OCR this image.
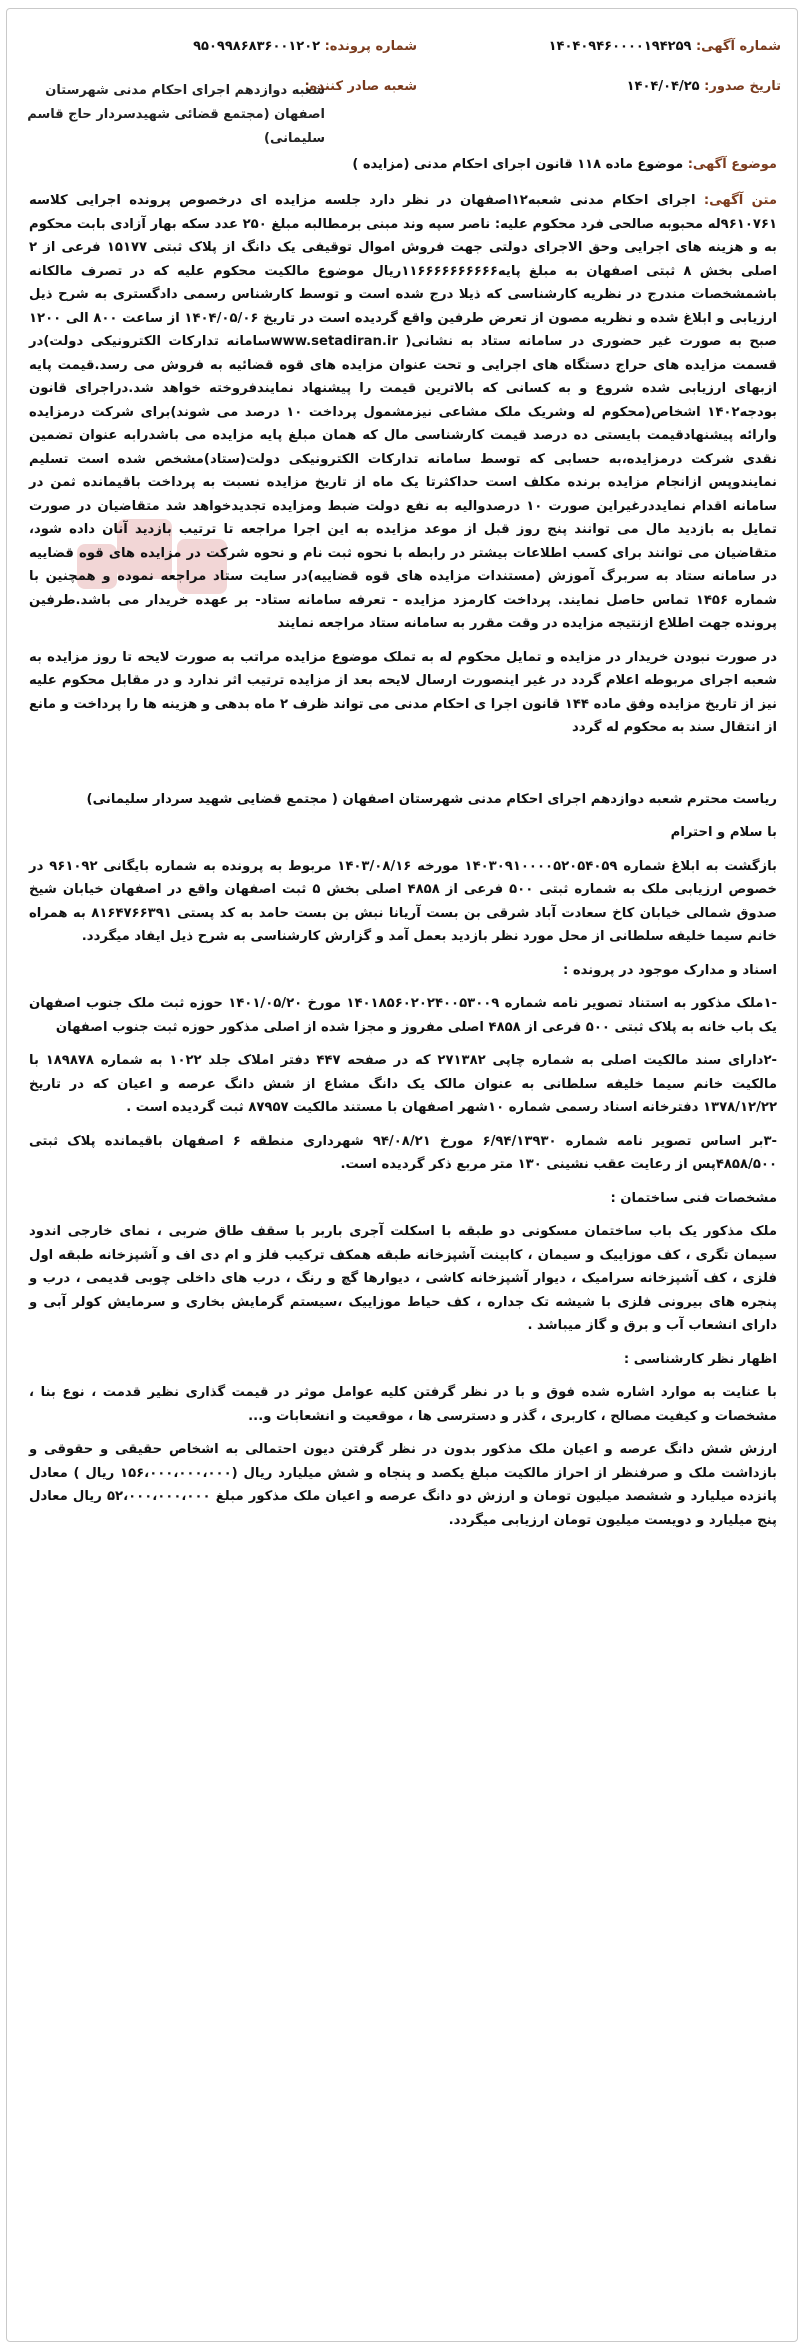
شماره آگهی: ۱۴۰۴۰۹۴۶۰۰۰۰۱۹۴۲۵۹
شماره پرونده: ۹۵۰۹۹۸۶۸۳۶۰۰۱۲۰۲
تاریخ صدور: ۱۴۰۴/۰۴/۲۵
شعبه صادر کننده:
شعبه دوازدهم اجرای احکام مدنی شهرستان اصفهان (مجتمع قضائی شهیدسردار حاج قاسم سلیمانی)
موضوع آگهی: موضوع ماده ۱۱۸ قانون اجرای احکام مدنی (مزایده )

متن آگهی: اجرای احکام مدنی شعبه۱۲اصفهان در نظر دارد جلسه مزایده ای درخصوص پرونده اجرایی کلاسه ۹۶۱۰۷۶۱له محبوبه صالحی فرد محکوم علیه: ناصر سپه وند مبنی برمطالبه مبلغ ۲۵۰ عدد سکه بهار آزادی بابت محکوم به و هزینه های اجرایی وحق الاجرای دولتی جهت فروش اموال توقیفی یک دانگ از پلاک ثبتی ۱۵۱۷۷ فرعی از ۲ اصلی بخش ۸ ثبتی اصفهان به مبلغ پایه۱۱۶۶۶۶۶۶۶۶۶۶ریال موضوع مالکیت محکوم علیه که در تصرف مالکانه باشمشخصات مندرج در نظریه کارشناسی که ذیلا درج شده است و توسط کارشناس رسمی دادگستری به شرح ذیل ارزیابی و ابلاغ شده و نظریه مصون از تعرض طرفین واقع گردیده است در تاریخ ۱۴۰۴/۰۵/۰۶ از ساعت ۸۰۰ الی ۱۲۰۰ صبح به صورت غیر حضوری در سامانه ستاد به نشانی( www.setadiran.irسامانه تدارکات الکترونیکی دولت)در قسمت مزایده های حراج دستگاه های اجرایی و تحت عنوان مزایده های قوه قضائیه به فروش می رسد.قیمت پایه ازبهای ارزیابی شده شروع و به کسانی که بالاترین قیمت را پیشنهاد نمایندفروخته خواهد شد.دراجرای قانون بودجه۱۴۰۲ اشخاص(محکوم له وشریک ملک مشاعی نیزمشمول پرداخت ۱۰ درصد می شوند)برای شرکت درمزایده وارائه پیشنهادقیمت بایستی ده درصد قیمت کارشناسی مال که همان مبلغ پایه مزایده می باشدرابه عنوان تضمین نقدی شرکت درمزایده،به حسابی که توسط سامانه تدارکات الکترونیکی دولت(ستاد)مشخص شده است تسلیم نمایندوپس ازانجام مزایده برنده مکلف است حداکثرتا یک ماه از تاریخ مزایده نسبت به پرداخت باقیمانده ثمن در سامانه اقدام نمایددرغیراین صورت ۱۰ درصدوالیه به نفع دولت ضبط ومزایده تجدیدخواهد شد متقاضیان در صورت تمایل به بازدید مال می توانند پنج روز قبل از موعد مزایده به این اجرا مراجعه تا ترتیب بازدید آنان داده شود، متقاضیان می توانند برای کسب اطلاعات بیشتر در رابطه با نحوه ثبت نام و نحوه شرکت در مزایده های قوه قضاییه در سامانه ستاد به سربرگ آموزش (مستندات مزایده های قوه قضاییه)در سایت ستاد مراجعه نموده و همچنین با شماره ۱۴۵۶ تماس حاصل نمایند. پرداخت کارمزد مزایده - تعرفه سامانه ستاد- بر عهده خریدار می باشد.طرفین پرونده جهت اطلاع ازنتیجه مزایده در وقت مقرر به سامانه ستاد مراجعه نمایند

در صورت نبودن خریدار در مزایده و تمایل محکوم له به تملک موضوع مزایده مراتب به صورت لایحه تا روز مزایده به شعبه اجرای مربوطه اعلام گردد در غیر اینصورت ارسال لایحه بعد از مزایده ترتیب اثر ندارد و در مقابل محکوم علیه نیز از تاریخ مزایده وفق ماده ۱۴۴ قانون اجرا ی احکام مدنی می تواند ظرف ۲ ماه بدهی و هزینه ها را پرداخت و مانع از انتقال سند به محکوم له گردد

ریاست محترم شعبه دوازدهم اجرای احکام مدنی شهرستان اصفهان ( مجتمع قضایی شهید سردار سلیمانی)

با سلام و احترام

بازگشت به ابلاغ شماره ۱۴۰۳۰۹۱۰۰۰۰۵۲۰۵۴۰۵۹ مورخه ۱۴۰۳/۰۸/۱۶ مربوط به پرونده به شماره بایگانی ۹۶۱۰۹۲ در خصوص ارزیابی ملک به شماره ثبتی ۵۰۰ فرعی از ۴۸۵۸ اصلی بخش ۵ ثبت اصفهان واقع در اصفهان خیابان شیخ صدوق شمالی خیابان کاخ سعادت آباد شرقی بن بست آریانا نبش بن بست حامد به کد پستی ۸۱۶۴۷۶۶۳۹۱ به همراه خانم سیما خلیفه سلطانی از محل مورد نظر بازدید بعمل آمد و گزارش کارشناسی به شرح ذیل ایفاد میگردد.

اسناد و مدارک موجود در پرونده :

-۱ملک مذکور به استناد تصویر نامه شماره ۱۴۰۱۸۵۶۰۲۰۲۴۰۰۵۳۰۰۹ مورخ ۱۴۰۱/۰۵/۲۰ حوزه ثبت ملک جنوب اصفهان یک باب خانه به پلاک ثبتی ۵۰۰ فرعی از ۴۸۵۸ اصلی مفروز و مجزا شده از اصلی مذکور حوزه ثبت جنوب اصفهان

-۲دارای سند مالکیت اصلی به شماره چاپی ۲۷۱۳۸۲ که در صفحه ۴۴۷ دفتر املاک جلد ۱۰۲۲ به شماره ۱۸۹۸۷۸ با مالکیت خانم سیما خلیفه سلطانی به عنوان مالک یک دانگ مشاع از شش دانگ عرصه و اعیان که در تاریخ ۱۳۷۸/۱۲/۲۲ دفترخانه اسناد رسمی شماره ۱۰شهر اصفهان با مستند مالکیت ۸۷۹۵۷ ثبت گردیده است .

-۳بر اساس تصویر نامه شماره ۶/۹۴/۱۳۹۳۰ مورخ ۹۴/۰۸/۲۱ شهرداری منطقه ۶ اصفهان باقیمانده پلاک ثبتی ۴۸۵۸/۵۰۰پس از رعایت عقب نشینی ۱۳۰ متر مربع ذکر گردیده است.

مشخصات فنی ساختمان :

ملک مذکور یک باب ساختمان مسکونی دو طبقه با اسکلت آجری باربر با سقف طاق ضربی ، نمای خارجی اندود سیمان تگری ، کف موزاییک و سیمان ، کابینت آشپزخانه طبقه همکف ترکیب فلز و ام دی اف و آشپزخانه طبقه اول فلزی ، کف آشپزخانه سرامیک ، دیوار آشپزخانه کاشی ، دیوارها گچ و رنگ ، درب های داخلی چوبی قدیمی ، درب و پنجره های بیرونی فلزی با شیشه تک جداره ، کف حیاط موزاییک ،سیستم گرمایش بخاری و سرمایش کولر آبی و دارای انشعاب آب و برق و گاز میباشد .

اظهار نظر کارشناسی :

با عنایت به موارد اشاره شده فوق و با در نظر گرفتن کلیه عوامل موثر در قیمت گذاری نظیر قدمت ، نوع بنا ، مشخصات و کیفیت مصالح ، کاربری ، گذر و دسترسی ها ، موقعیت و انشعابات و...

ارزش شش دانگ عرصه و اعیان ملک مذکور بدون در نظر گرفتن دیون احتمالی به اشخاص حقیقی و حقوقی و بازداشت ملک و صرفنظر از احراز مالکیت مبلغ یکصد و پنجاه و شش میلیارد ریال (۱۵۶،۰۰۰،۰۰۰،۰۰۰ ریال ) معادل پانزده میلیارد و ششصد میلیون تومان و ارزش دو دانگ عرصه و اعیان ملک مذکور مبلغ ۵۲،۰۰۰،۰۰۰،۰۰۰ ریال معادل پنج میلیارد و دویست میلیون تومان ارزیابی میگردد.
